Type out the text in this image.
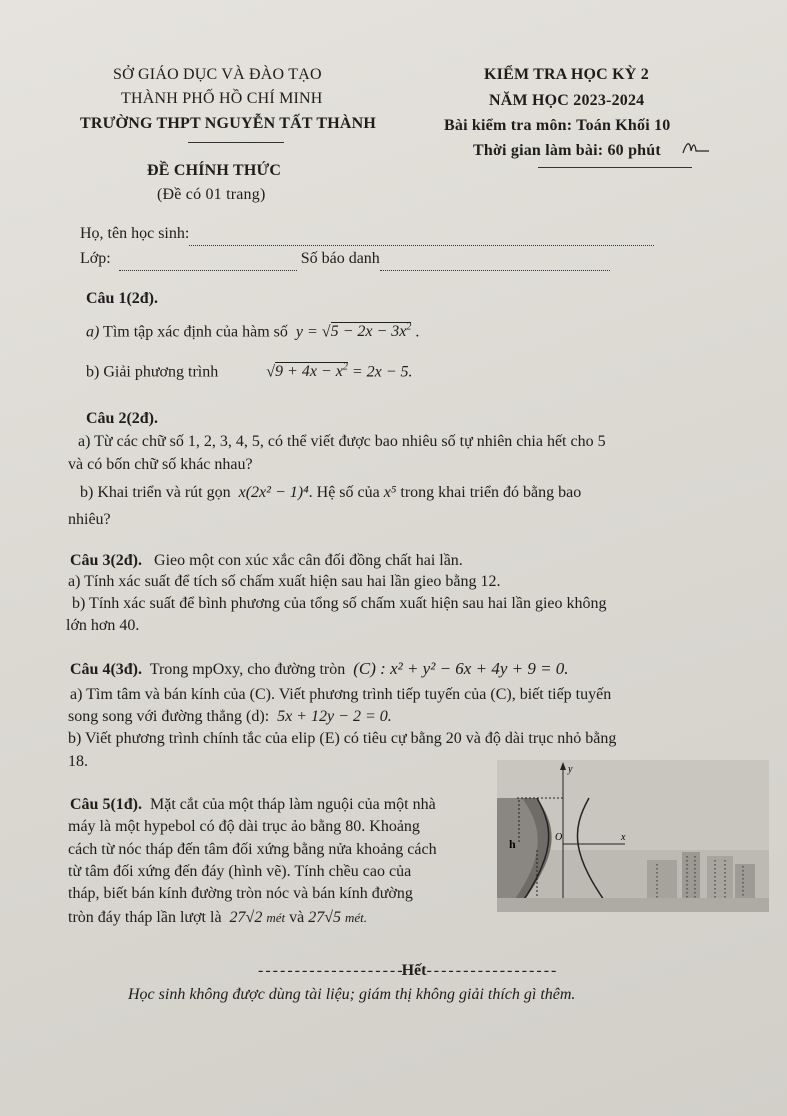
SỞ GIÁO DỤC VÀ ĐÀO TẠO
THÀNH PHỐ HỒ CHÍ MINH
TRƯỜNG THPT NGUYỄN TẤT THÀNH
ĐỀ CHÍNH THỨC
(Đề có 01 trang)
KIỂM TRA HỌC KỲ 2
NĂM HỌC 2023-2024
Bài kiểm tra môn: Toán Khối 10
Thời gian làm bài: 60 phút
Họ, tên học sinh:
Lớp:	Số báo danh
Câu 1(2đ).
a) Tìm tập xác định của hàm số $y = √5 - 2x - 3x^2$ .
b) Giải phương trình	$√9 + 4x - x^2 = 2x - 5$.
Câu 2(2đ).
a) Từ các chữ số 1, 2, 3, 4, 5, có thể viết được bao nhiêu số tự nhiên chia hết cho 5
và có bốn chữ số khác nhau?
b) Khai triển và rút gọn x(2x² − 1)⁴. Hệ số của x⁵ trong khai triển đó bằng bao
nhiêu?
Câu 3(2đ). Gieo một con xúc xắc cân đối đồng chất hai lần.
a) Tính xác suất để tích số chấm xuất hiện sau hai lần gieo bằng 12.
b) Tính xác suất để bình phương của tổng số chấm xuất hiện sau hai lần gieo không
lớn hơn 40.
Câu 4(3đ). Trong mpOxy, cho đường tròn (C) : x² + y² − 6x + 4y + 9 = 0.
a) Tìm tâm và bán kính của (C). Viết phương trình tiếp tuyến của (C), biết tiếp tuyến
song song với đường thẳng (d): 5x + 12y − 2 = 0.
b) Viết phương trình chính tắc của elip (E) có tiêu cự bằng 20 và độ dài trục nhỏ bằng
18.
Câu 5(1đ). Mặt cắt của một tháp làm nguội của một nhà
máy là một hypebol có độ dài trục ảo bằng 80. Khoảng
cách từ nóc tháp đến tâm đối xứng bằng nửa khoảng cách
từ tâm đối xứng đến đáy (hình vẽ). Tính chều cao của
tháp, biết bán kính đường tròn nóc và bán kính đường
tròn đáy tháp lần lượt là 27√2 mét và 27√5 mét.
y
x
O
h
- - - - - - - - - - - - - - - - - - - -Hết- - - - - - - - - - - - - - - - - -
Học sinh không được dùng tài liệu; giám thị không giải thích gì thêm.
